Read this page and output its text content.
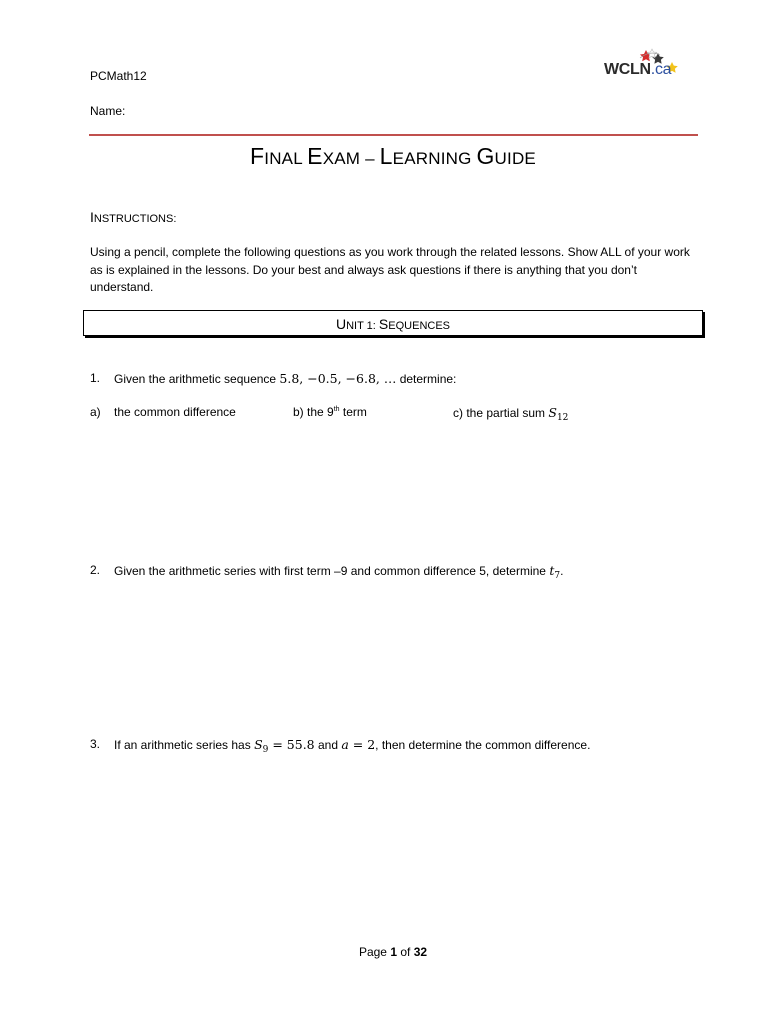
PCMath12
Name:
WCLN.ca
FINAL EXAM – LEARNING GUIDE
INSTRUCTIONS:
Using a pencil, complete the following questions as you work through the related lessons. Show ALL of your work as is explained in the lessons. Do your best and always ask questions if there is anything that you don’t understand.
UNIT 1: SEQUENCES
1. Given the arithmetic sequence 5.8, −0.5, −6.8, … determine:
a) the common difference	b) the 9th term	c) the partial sum $S_{12}$
2. Given the arithmetic series with first term –9 and common difference 5, determine $t_7$.
3. If an arithmetic series has $S_9 = 55.8$ and a = 2, then determine the common difference.
Page 1 of 32
